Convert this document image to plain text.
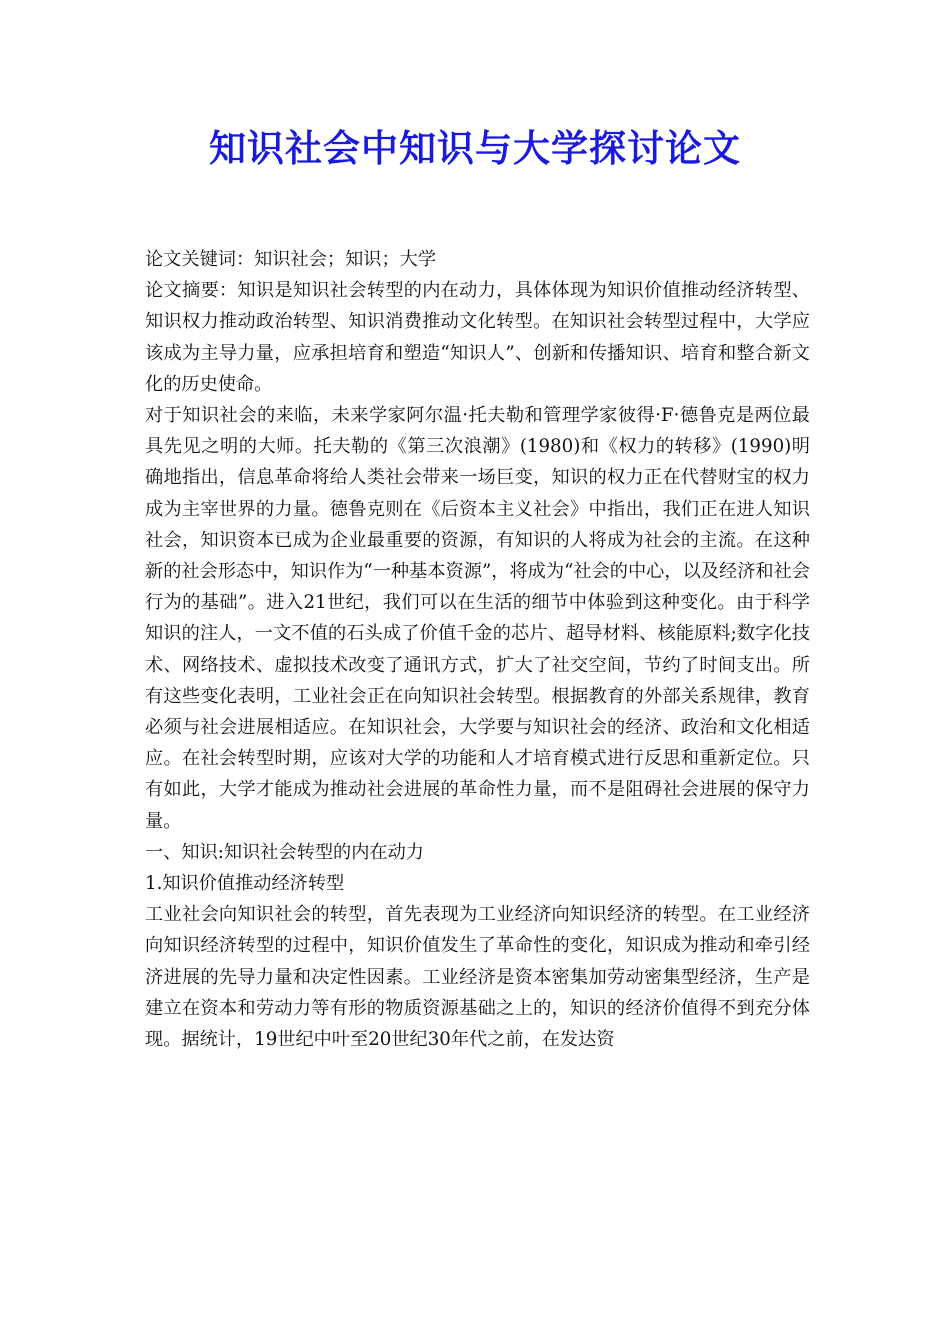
知识社会中知识与大学探讨论文

论文关键词：知识社会；知识；大学

论文摘要：知识是知识社会转型的内在动力，具体体现为知识价值推动经济转型、知识权力推动政治转型、知识消费推动文化转型。在知识社会转型过程中，大学应该成为主导力量，应承担培育和塑造“知识人”、创新和传播知识、培育和整合新文化的历史使命。

对于知识社会的来临，未来学家阿尔温·托夫勒和管理学家彼得·F·德鲁克是两位最具先见之明的大师。托夫勒的《第三次浪潮》(1980)和《权力的转移》(1990)明确地指出，信息革命将给人类社会带来一场巨变，知识的权力正在代替财宝的权力成为主宰世界的力量。德鲁克则在《后资本主义社会》中指出，我们正在进人知识社会，知识资本已成为企业最重要的资源，有知识的人将成为社会的主流。在这种新的社会形态中，知识作为“一种基本资源”，将成为“社会的中心，以及经济和社会行为的基础”。进入21世纪，我们可以在生活的细节中体验到这种变化。由于科学知识的注人，一文不值的石头成了价值千金的芯片、超导材料、核能原料;数字化技术、网络技术、虚拟技术改变了通讯方式，扩大了社交空间，节约了时间支出。所有这些变化表明，工业社会正在向知识社会转型。根据教育的外部关系规律，教育必须与社会进展相适应。在知识社会，大学要与知识社会的经济、政治和文化相适应。在社会转型时期，应该对大学的功能和人才培育模式进行反思和重新定位。只有如此，大学才能成为推动社会进展的革命性力量，而不是阻碍社会进展的保守力量。

一、知识:知识社会转型的内在动力

1.知识价值推动经济转型

工业社会向知识社会的转型，首先表现为工业经济向知识经济的转型。在工业经济向知识经济转型的过程中，知识价值发生了革命性的变化，知识成为推动和牵引经济进展的先导力量和决定性因素。工业经济是资本密集加劳动密集型经济，生产是建立在资本和劳动力等有形的物质资源基础之上的，知识的经济价值得不到充分体现。据统计，19世纪中叶至20世纪30年代之前，在发达资
